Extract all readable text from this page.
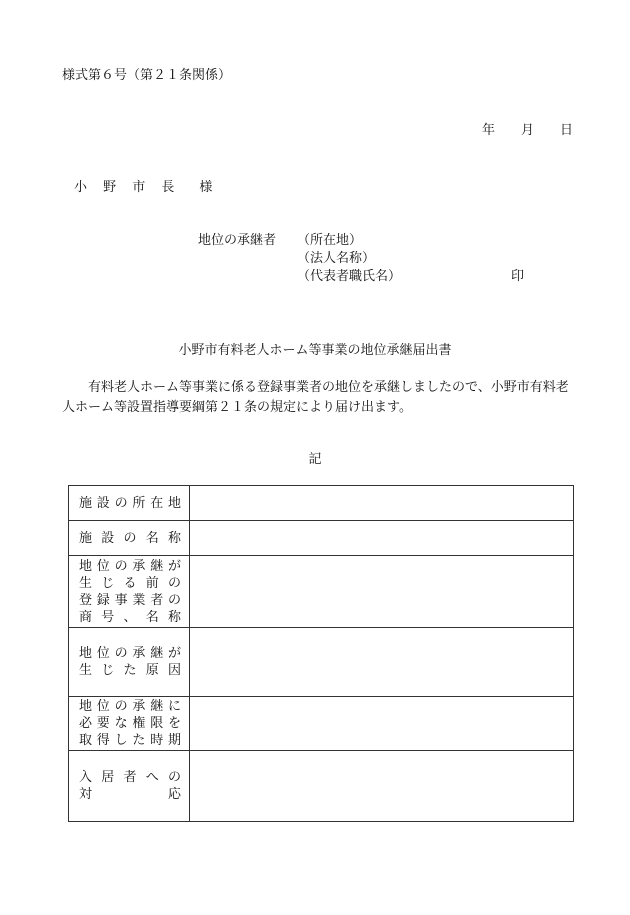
様式第６号（第２１条関係）
年 月 日
小 野 市 長　様
地位の承継者 （所在地）
（法人名称）
（代表者職氏名）	印
小野市有料老人ホーム等事業の地位承継届出書
有料老人ホーム等事業に係る登録事業者の地位を承継しましたので、小野市有料老人ホーム等設置指導要綱第２１条の規定により届け出ます。
記
施設の所在地	

施 設 の 名 称	

地位の承継が
生 じ る 前 の
登録事業者の
商 号 、 名 称	

地位の承継が
生 じ た 原 因	

地位の承継に
必要な権限を
取得した時期	

入 居 者 へ の
対　　　　応	
